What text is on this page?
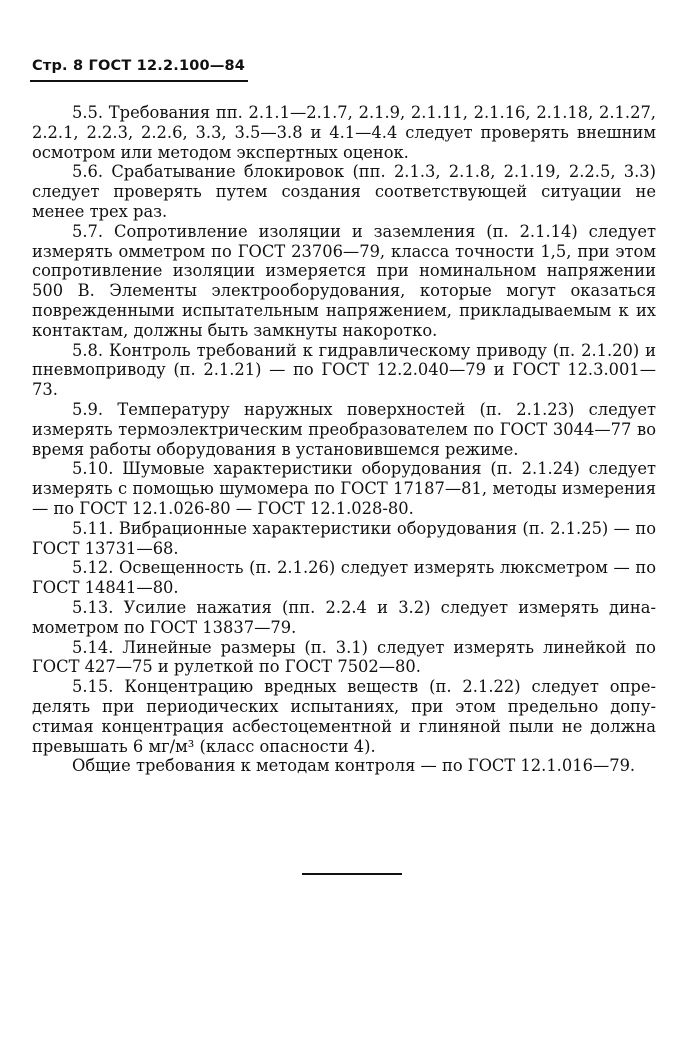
Стр. 8 ГОСТ 12.2.100—84

5.5. Требования пп. 2.1.1—2.1.7, 2.1.9, 2.1.11, 2.1.16, 2.1.18, 2.1.27, 2.2.1, 2.2.3, 2.2.6, 3.3, 3.5—3.8 и 4.1—4.4 следует проверять внешним осмотром или методом экспертных оценок.

5.6. Срабатывание блокировок (пп. 2.1.3, 2.1.8, 2.1.19, 2.2.5, 3.3) следует проверять путем создания соответствующей ситуации не менее трех раз.

5.7. Сопротивление изоляции и заземления (п. 2.1.14) следует измерять омметром по ГОСТ 23706—79, класса точности 1,5, при этом сопротивление изоляции измеряется при номинальном напряжении 500 В. Элементы электрооборудования, которые могут оказаться поврежденными испытательным напряжением, прикладываемым к их контактам, должны быть замкнуты накоротко.

5.8. Контроль требований к гидравлическому приводу (п. 2.1.20) и пневмоприводу (п. 2.1.21) — по ГОСТ 12.2.040—79 и ГОСТ 12.3.001—73.

5.9. Температуру наружных поверхностей (п. 2.1.23) следует измерять термоэлектрическим преобразователем по ГОСТ 3044—77 во время работы оборудования в установившемся режиме.

5.10. Шумовые характеристики оборудования (п. 2.1.24) следует измерять с помощью шумомера по ГОСТ 17187—81, методы измерения — по ГОСТ 12.1.026-80 — ГОСТ 12.1.028-80.

5.11. Вибрационные характеристики оборудования (п. 2.1.25) — по ГОСТ 13731—68.

5.12. Освещенность (п. 2.1.26) следует измерять люксметром — по ГОСТ 14841—80.

5.13. Усилие нажатия (пп. 2.2.4 и 3.2) следует измерять динамометром по ГОСТ 13837—79.

5.14. Линейные размеры (п. 3.1) следует измерять линейкой по ГОСТ 427—75 и рулеткой по ГОСТ 7502—80.

5.15. Концентрацию вредных веществ (п. 2.1.22) следует определять при периодических испытаниях, при этом предельно допустимая концентрация асбестоцементной и глиняной пыли не должна превышать 6 мг/м³ (класс опасности 4).

Общие требования к методам контроля — по ГОСТ 12.1.016—79.
